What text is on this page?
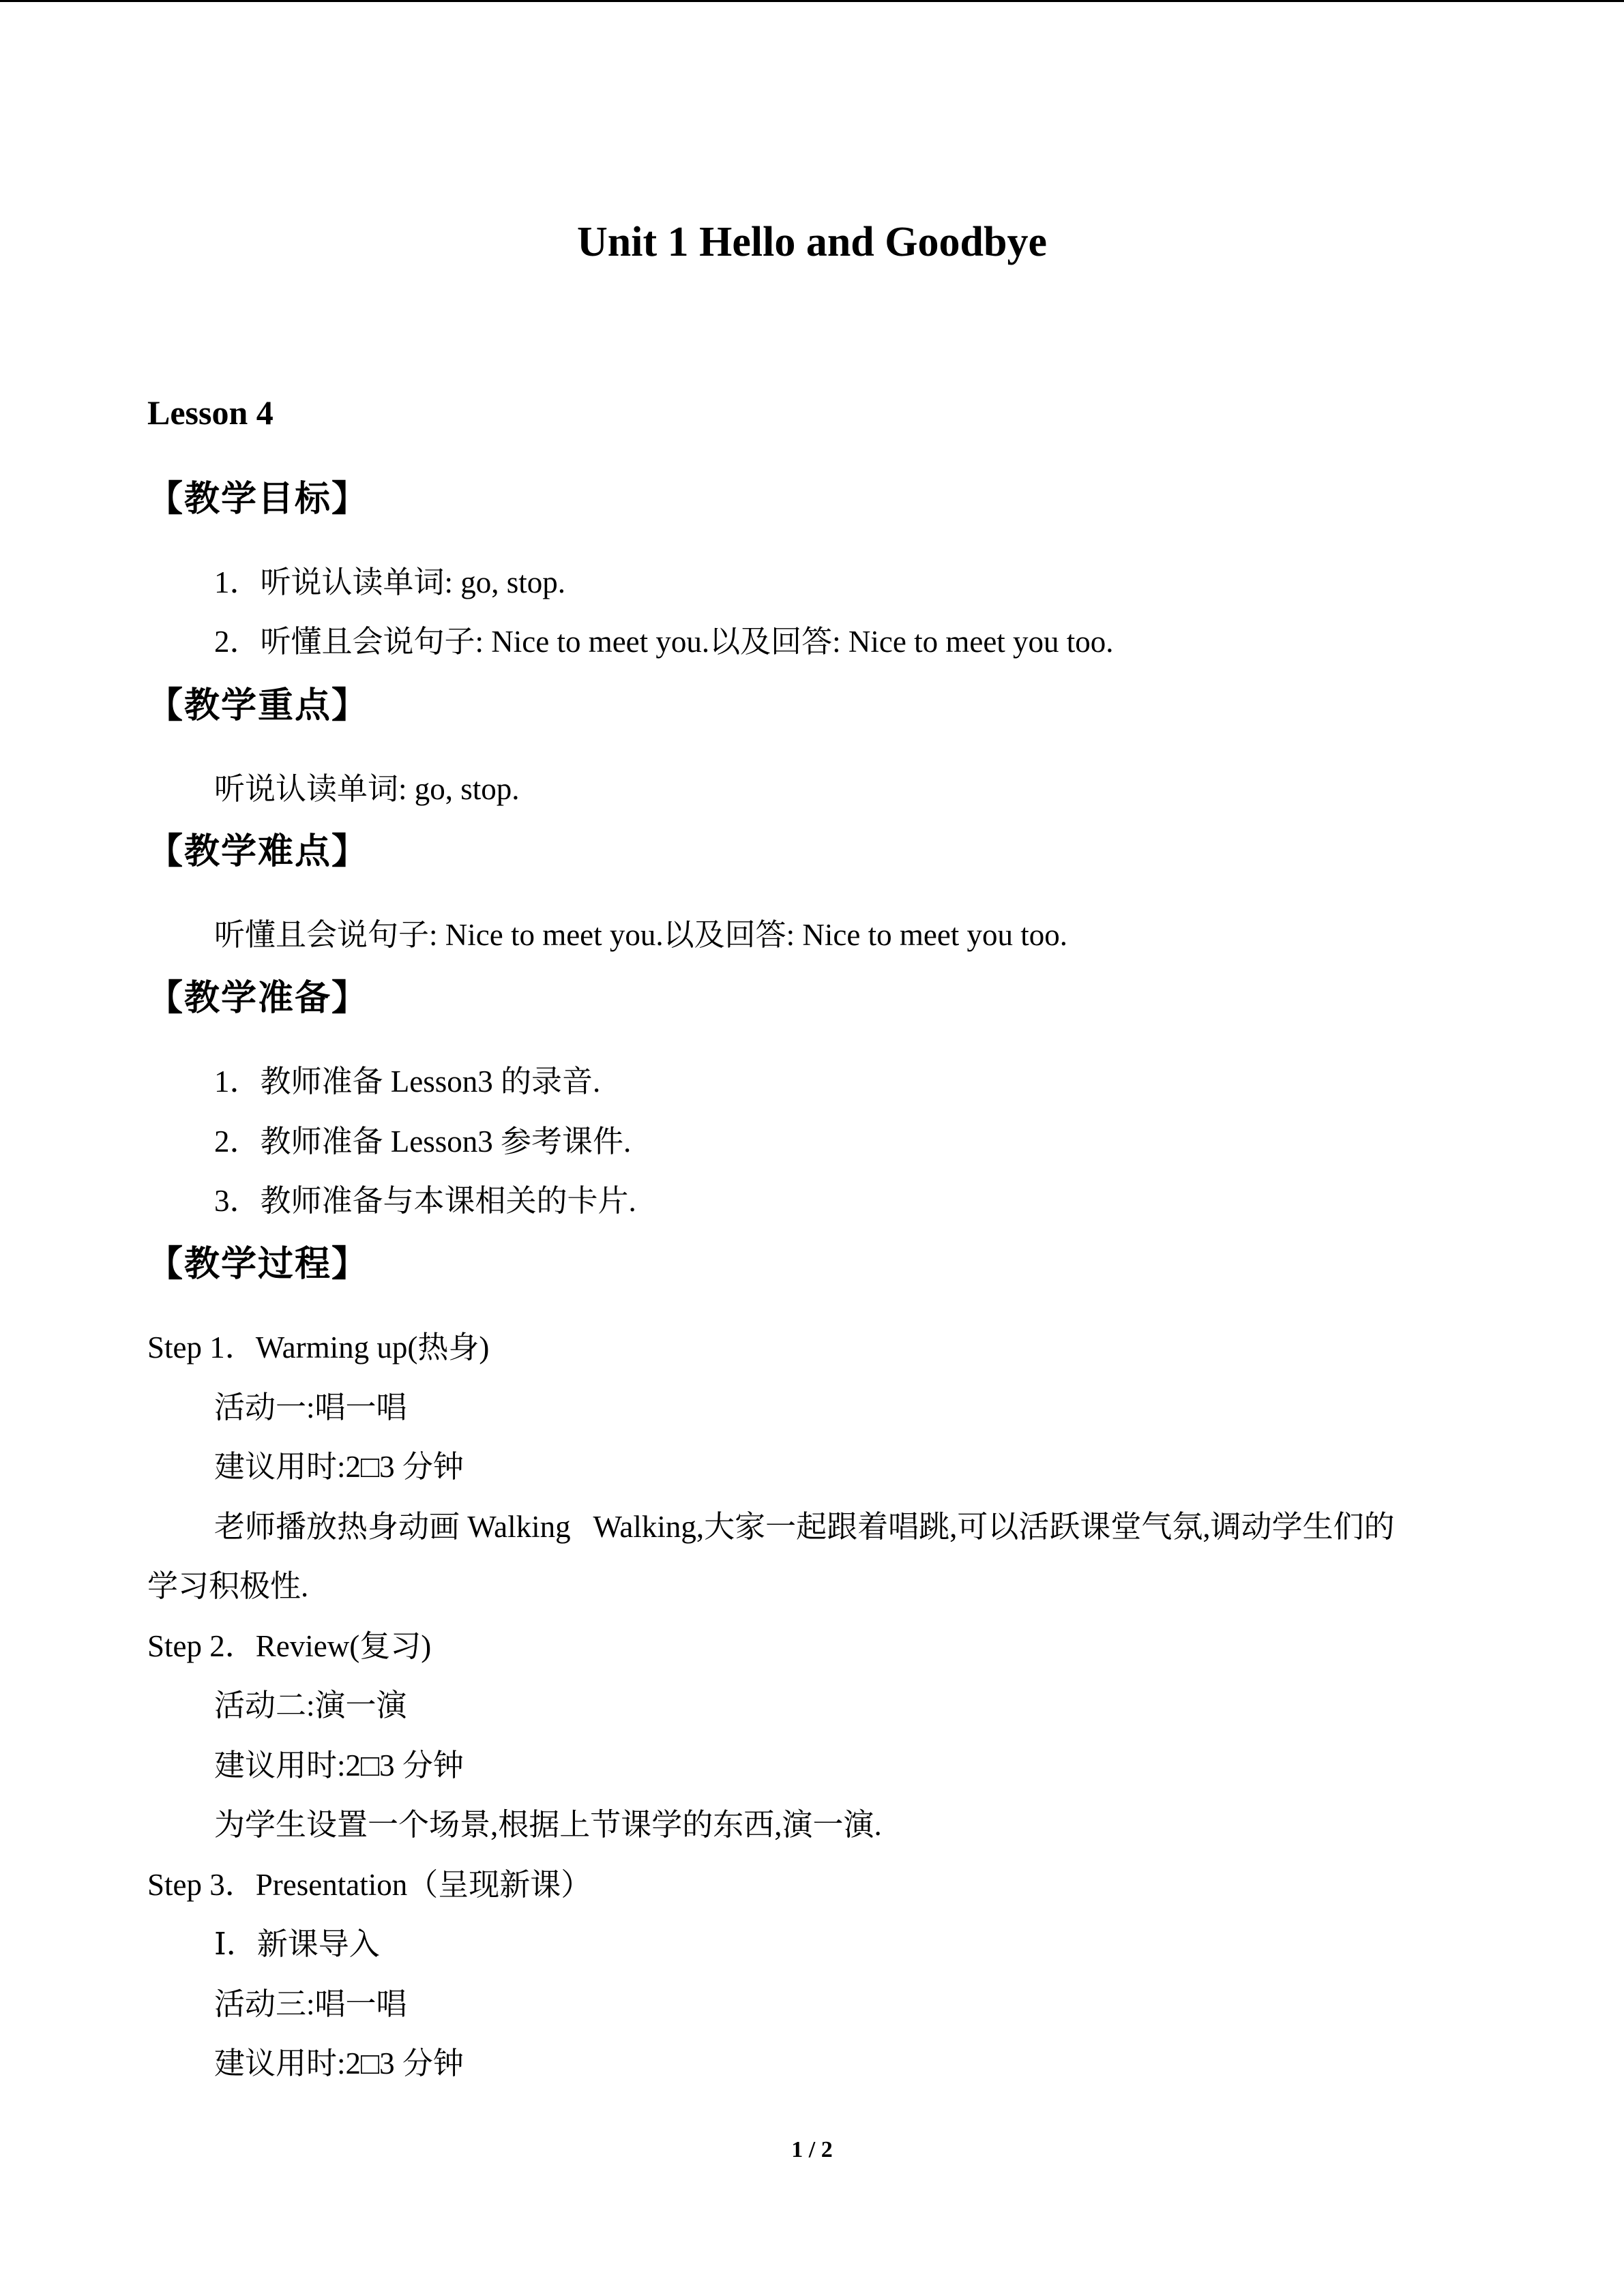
Unit 1 Hello and Goodbye
Lesson 4
【教学目标】
1．听说认读单词: go, stop.
2．听懂且会说句子: Nice to meet you.以及回答: Nice to meet you too.
【教学重点】
听说认读单词: go, stop.
【教学难点】
听懂且会说句子: Nice to meet you.以及回答: Nice to meet you too.
【教学准备】
1．教师准备 Lesson3 的录音.
2．教师准备 Lesson3 参考课件.
3．教师准备与本课相关的卡片.
【教学过程】
Step 1．Warming up(热身)
活动一:唱一唱
建议用时:2□3 分钟
老师播放热身动画 Walking   Walking,大家一起跟着唱跳,可以活跃课堂气氛,调动学生们的
学习积极性.
Step 2．Review(复习)
活动二:演一演
建议用时:2□3 分钟
为学生设置一个场景,根据上节课学的东西,演一演.
Step 3．Presentation（呈现新课）
Ⅰ．新课导入
活动三:唱一唱
建议用时:2□3 分钟
1 / 2
